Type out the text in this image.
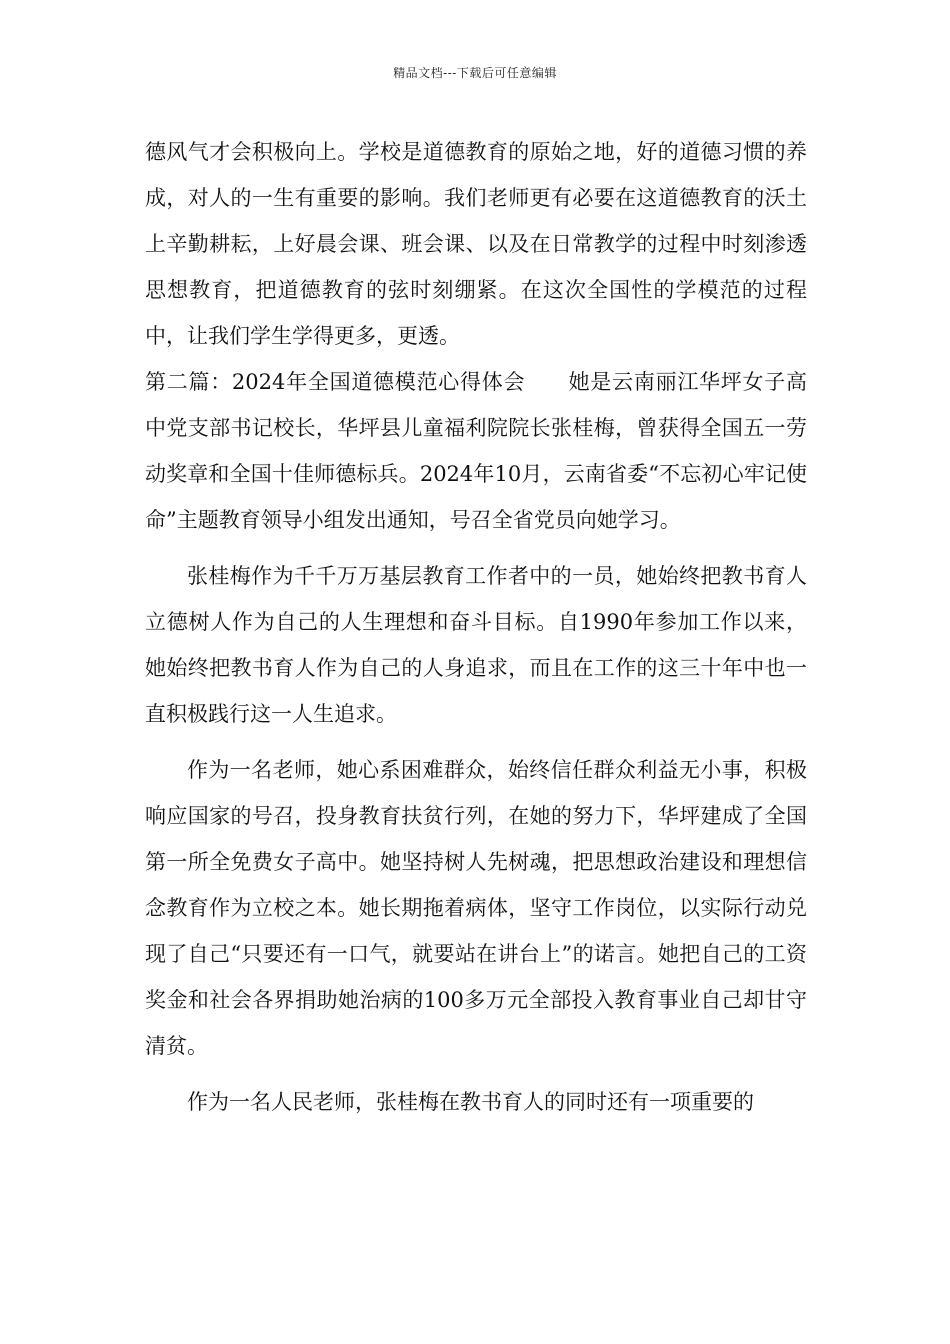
精品文档---下载后可任意编辑

德风气才会积极向上。学校是道德教育的原始之地，好的道德习惯的养成，对人的一生有重要的影响。我们老师更有必要在这道德教育的沃土上辛勤耕耘，上好晨会课、班会课、以及在日常教学的过程中时刻渗透思想教育，把道德教育的弦时刻绷紧。在这次全国性的学模范的过程中，让我们学生学得更多，更透。

第二篇：2024年全国道德模范心得体会　　她是云南丽江华坪女子高中党支部书记校长，华坪县儿童福利院院长张桂梅，曾获得全国五一劳动奖章和全国十佳师德标兵。2024年10月，云南省委“不忘初心牢记使命”主题教育领导小组发出通知，号召全省党员向她学习。

张桂梅作为千千万万基层教育工作者中的一员，她始终把教书育人立德树人作为自己的人生理想和奋斗目标。自1990年参加工作以来，她始终把教书育人作为自己的人身追求，而且在工作的这三十年中也一直积极践行这一人生追求。

作为一名老师，她心系困难群众，始终信任群众利益无小事，积极响应国家的号召，投身教育扶贫行列，在她的努力下，华坪建成了全国第一所全免费女子高中。她坚持树人先树魂，把思想政治建设和理想信念教育作为立校之本。她长期拖着病体，坚守工作岗位，以实际行动兑现了自己“只要还有一口气，就要站在讲台上”的诺言。她把自己的工资奖金和社会各界捐助她治病的100多万元全部投入教育事业自己却甘守清贫。

作为一名人民老师，张桂梅在教书育人的同时还有一项重要的
